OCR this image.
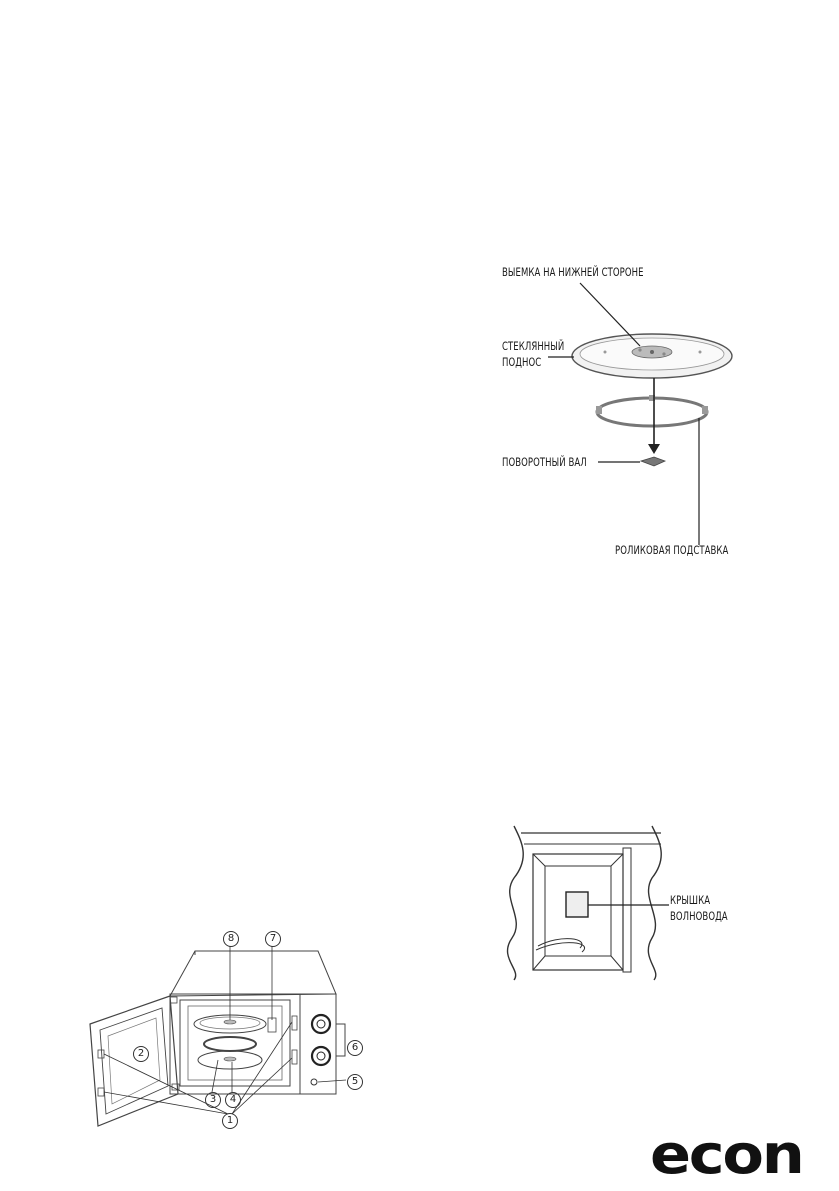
ВЫЕМКА НА НИЖНЕЙ СТОРОНЕ

СТЕКЛЯННЫЙ

ПОДНОС

ПОВОРОТНЫЙ ВАЛ

РОЛИКОВАЯ ПОДСТАВКА

КРЫШКА

ВОЛНОВОДА

8	7
6
5
2
3	4
1

econ
